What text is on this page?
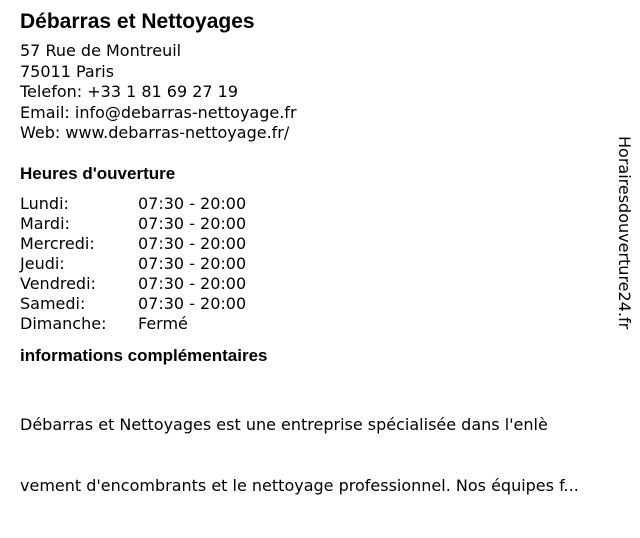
Débarras et Nettoyages
57 Rue de Montreuil
75011 Paris
Telefon: +33 1 81 69 27 19
Email: info@debarras-nettoyage.fr
Web: www.debarras-nettoyage.fr/
Heures d'ouverture
Lundi:	07:30 - 20:00
Mardi:	07:30 - 20:00
Mercredi:	07:30 - 20:00
Jeudi:	07:30 - 20:00
Vendredi:	07:30 - 20:00
Samedi:	07:30 - 20:00
Dimanche:	Fermé
informations complémentaires

Débarras et Nettoyages est une entreprise spécialisée dans l'enlè

vement d'encombrants et le nettoyage professionnel. Nos équipes f...

Horairesdouverture24.fr
